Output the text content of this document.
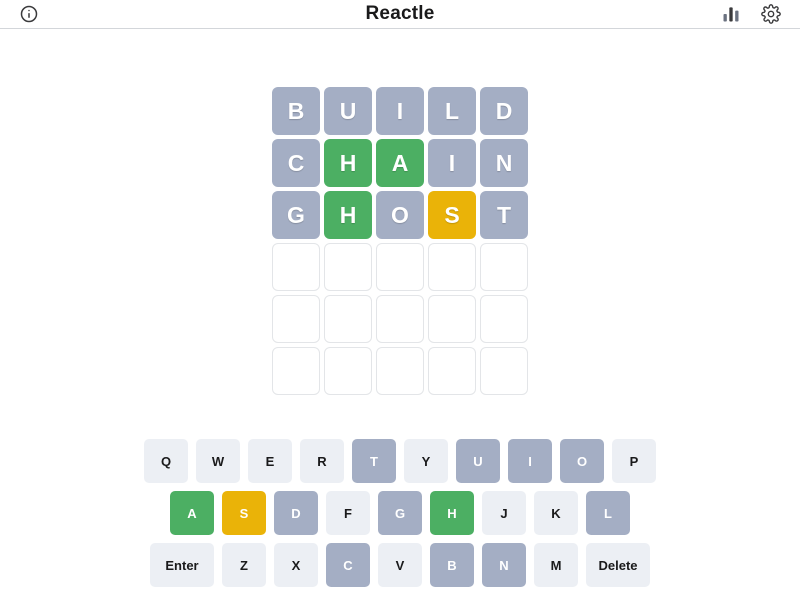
Reactle
B	U	I	L	D
C	H	A	I	N
G	H	O	S	T
Q	W	E	R	T	Y	U	I	O	P
A	S	D	F	G	H	J	K	L
Enter	Z	X	C	V	B	N	M	Delete
